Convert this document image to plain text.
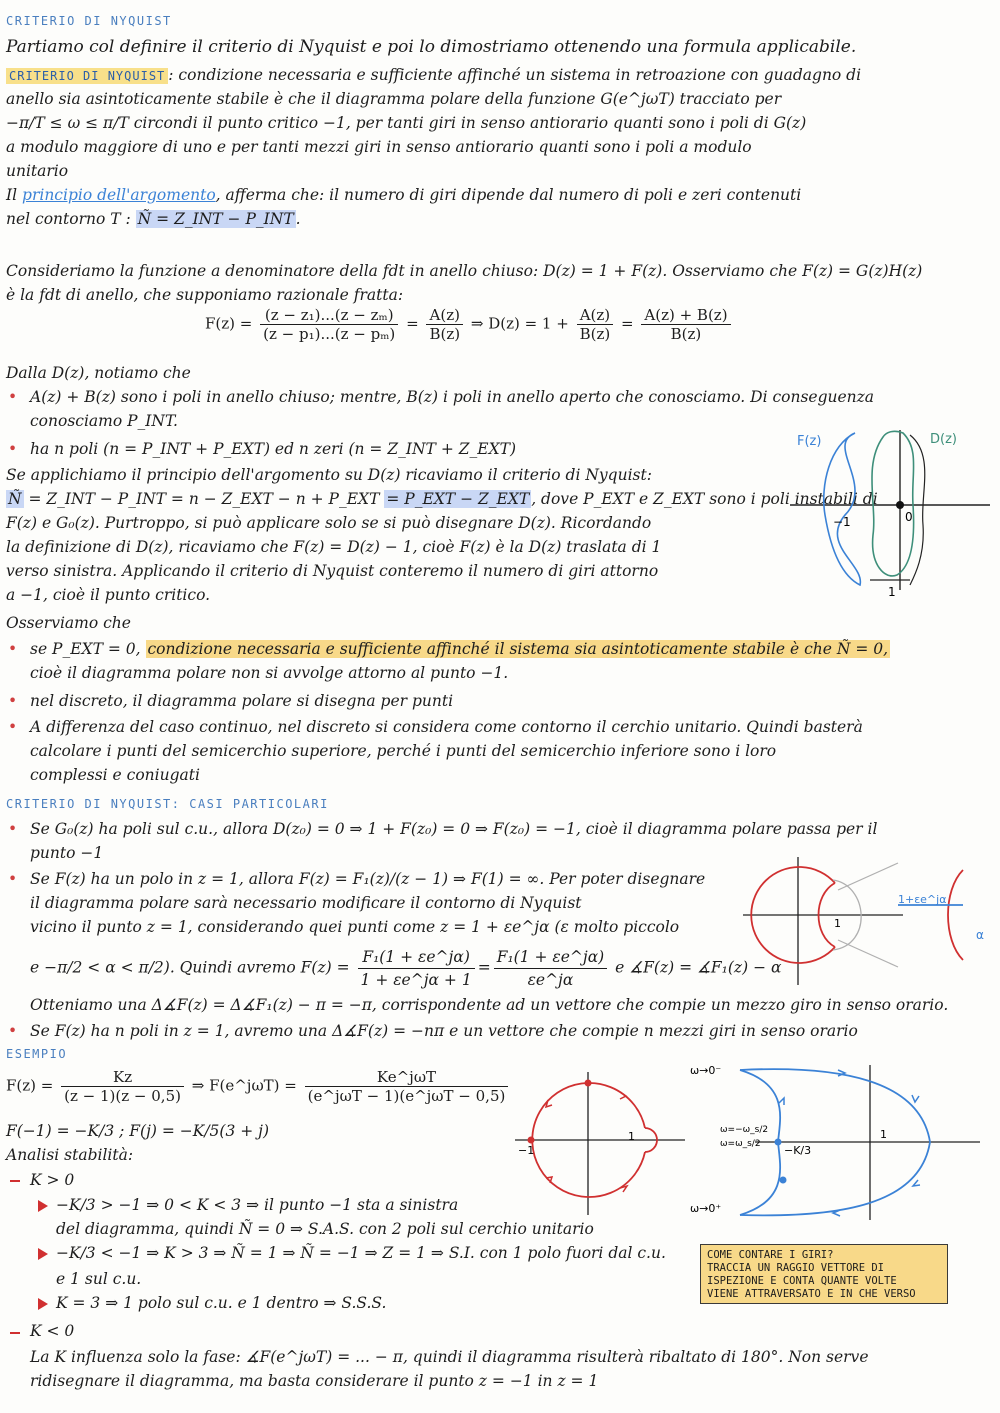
CRITERIO DI NYQUIST
Partiamo col definire il criterio di Nyquist e poi lo dimostriamo ottenendo una formula applicabile.
CRITERIO DI NYQUIST : condizione necessaria e sufficiente affinché un sistema in retroazione con guadagno di
anello sia asintoticamente stabile è che il diagramma polare della funzione G(e^jωT) tracciato per
−π/T ≤ ω ≤ π/T circondi il punto critico −1, per tanti giri in senso antiorario quanti sono i poli di G(z)
a modulo maggiore di uno e per tanti mezzi giri in senso antiorario quanti sono i poli a modulo
unitario
Il principio dell'argomento, afferma che: il numero di giri dipende dal numero di poli e zeri contenuti
nel contorno T : Ñ = Z_INT − P_INT .
Consideriamo la funzione a denominatore della fdt in anello chiuso: D(z) = 1 + F(z). Osserviamo che F(z) = G(z)H(z)
è la fdt di anello, che supponiamo razionale fratta:
$F(z) = \frac{\text{(z − z₁)...(z − zₘ)}}{\text{(z − p₁)...(z − pₘ)}} = \frac{A(z)}{B(z)}$ ⇒ $D(z) = 1 + \frac{A(z)}{B(z)} = \frac{A(z) + B(z)}{B(z)}$
Dalla D(z), notiamo che
• A(z) + B(z) sono i poli in anello chiuso; mentre, B(z) i poli in anello aperto che conosciamo. Di conseguenza
conosciamo P_INT.
• ha n poli (n = P_INT + P_EXT) ed n zeri (n = Z_INT + Z_EXT)
Se applichiamo il principio dell'argomento su D(z) ricaviamo il criterio di Nyquist:
Ñ = Z_INT − P_INT = n − Z_EXT − n + P_EXT = P_EXT − Z_EXT , dove P_EXT e Z_EXT sono i poli instabili di
F(z) e G₀(z). Purtroppo, si può applicare solo se si può disegnare D(z). Ricordando
la definizione di D(z), ricaviamo che F(z) = D(z) − 1, cioè F(z) è la D(z) traslata di 1
verso sinistra. Applicando il criterio di Nyquist conteremo il numero di giri attorno
a −1, cioè il punto critico.
Osserviamo che
• se P_EXT = 0, condizione necessaria e sufficiente affinché il sistema sia asintoticamente stabile è che Ñ = 0,
cioè il diagramma polare non si avvolge attorno al punto −1.
• nel discreto, il diagramma polare si disegna per punti
• A differenza del caso continuo, nel discreto si considera come contorno il cerchio unitario. Quindi basterà
calcolare i punti del semicerchio superiore, perché i punti del semicerchio inferiore sono i loro
complessi e coniugati
F(z)	D(z)
−1	0
1
CRITERIO DI NYQUIST: CASI PARTICOLARI
• Se G₀(z) ha poli sul c.u., allora D(z₀) = 0 ⇒ 1 + F(z₀) = 0 ⇒ F(z₀) = −1, cioè il diagramma polare passa per il
punto −1
• Se F(z) ha un polo in z = 1, allora F(z) = F₁(z)/(z − 1) ⇒ F(1) = ∞. Per poter disegnare
il diagramma polare sarà necessario modificare il contorno di Nyquist
vicino il punto z = 1, considerando quei punti come z = 1 + εe^jα (ε molto piccolo
e −π/2 < α < π/2). Quindi avremo $F(z) = \frac{\text{F₁(1 + εe\textasciicircum{}jα)}}{1 + \varepsilon e\^{}j\alpha + 1} = \frac{\text{F₁(1 + εe\textasciicircum{}jα)}}{\varepsilon e\^{}j\alpha}$ e ∡F(z) = ∡F₁(z) − α
Otteniamo una Δ∡F(z) = Δ∡F₁(z) − π = −π, corrispondente ad un vettore che compie un mezzo giro in senso orario.
• Se F(z) ha n poli in z = 1, avremo una Δ∡F(z) = −nπ e un vettore che compie n mezzi giri in senso orario
1
1+εe^jα
α
ESEMPIO
$F(z) = \frac{Kz}{(z - 1)(z - 0,5)}$ ⇒ F(e^jωT) = $\frac{\text{Ke\textasciicircum{}jωT}}{\text{(e\textasciicircum{}jωT − 1)(e\textasciicircum{}jωT − 0,5)}}$
F(−1) = −K/3 ; F(j) = −K/5(3 + j)
Analisi stabilità:
K > 0
−K/3 > −1 ⇒ 0 < K < 3 ⇒ il punto −1 sta a sinistra
del diagramma, quindi Ñ = 0 ⇒ S.A.S. con 2 poli sul cerchio unitario
−K/3 < −1 ⇒ K > 3 ⇒ Ñ = 1 ⇒ Ñ = −1 ⇒ Z = 1 ⇒ S.I. con 1 polo fuori dal c.u.
e 1 sul c.u.
K = 3 ⇒ 1 polo sul c.u. e 1 dentro ⇒ S.S.S.
K < 0
La K influenza solo la fase: ∡F(e^jωT) = ... − π, quindi il diagramma risulterà ribaltato di 180°. Non serve
ridisegnare il diagramma, ma basta considerare il punto z = −1 in z = 1
−1
1
ω→0⁻
ω→0⁺
ω=−ω_s/2
ω=ω_s/2 −K/3
1
COME CONTARE I GIRI?
TRACCIA UN RAGGIO VETTORE DI
ISPEZIONE E CONTA QUANTE VOLTE
VIENE ATTRAVERSATO E IN CHE VERSO
